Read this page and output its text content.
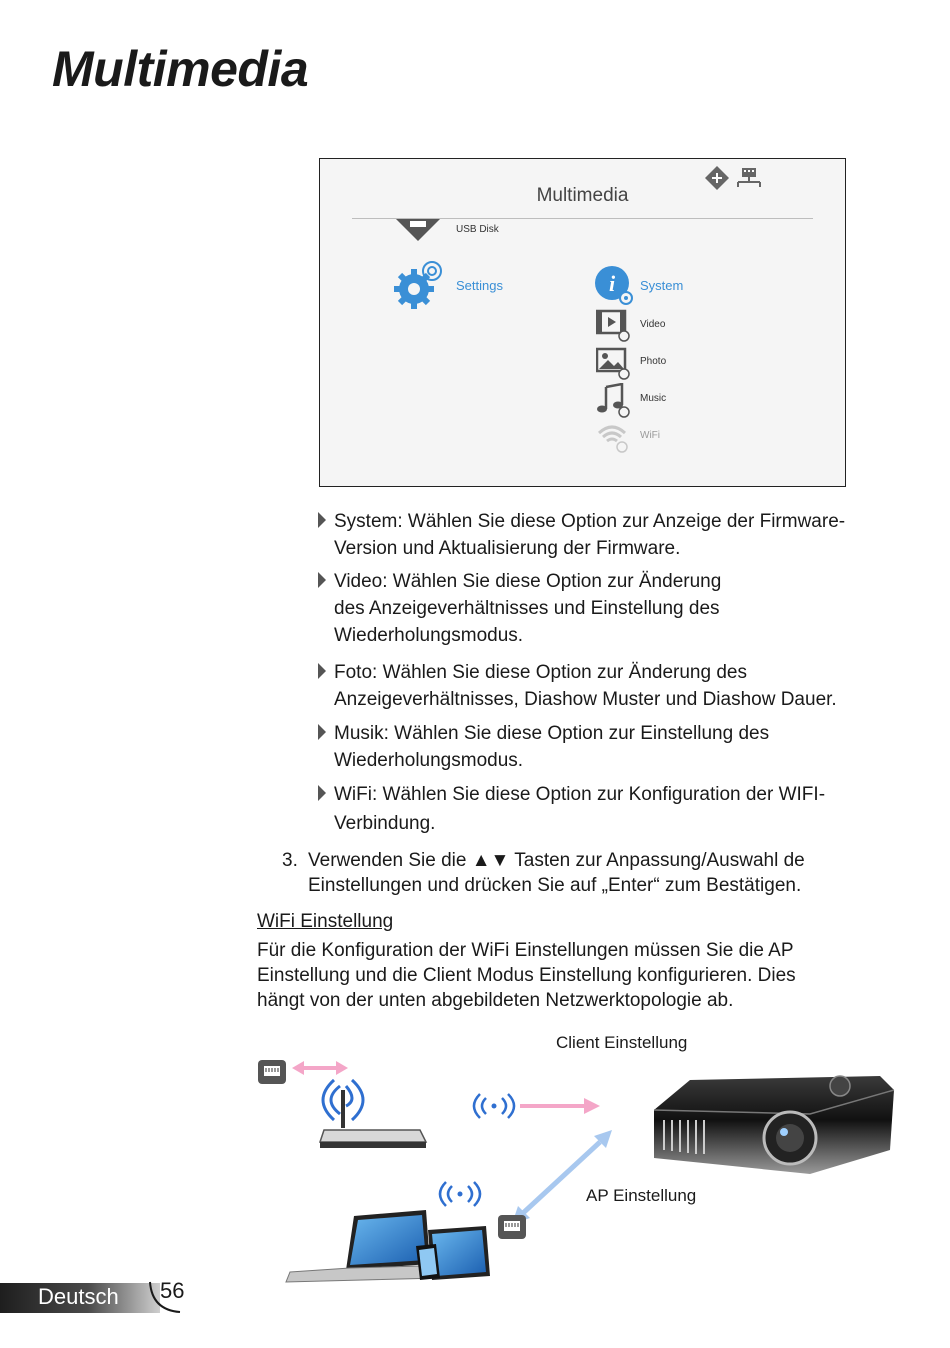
Multimedia
Multimedia
USB Disk
Settings	i System
Video
Photo
Music
WiFi
System: Wählen Sie diese Option zur Anzeige der Firmware-
Version und Aktualisierung der Firmware.
Video: Wählen Sie diese Option zur Änderung
des Anzeigeverhältnisses und Einstellung des
Wiederholungsmodus.
Foto: Wählen Sie diese Option zur Änderung des
Anzeigeverhältnisses, Diashow Muster und Diashow Dauer.
Musik: Wählen Sie diese Option zur Einstellung des
Wiederholungsmodus.
WiFi: Wählen Sie diese Option zur Konfiguration der WIFI-
Verbindung.
3. Verwenden Sie die ▲▼ Tasten zur Anpassung/Auswahl de
Einstellungen und drücken Sie auf „Enter“ zum Bestätigen.
WiFi Einstellung
Für die Konfiguration der WiFi Einstellungen müssen Sie die AP
Einstellung und die Client Modus Einstellung konfigurieren. Dies
hängt von der unten abgebildeten Netzwerktopologie ab.
Client Einstellung
AP Einstellung
Deutsch 56
